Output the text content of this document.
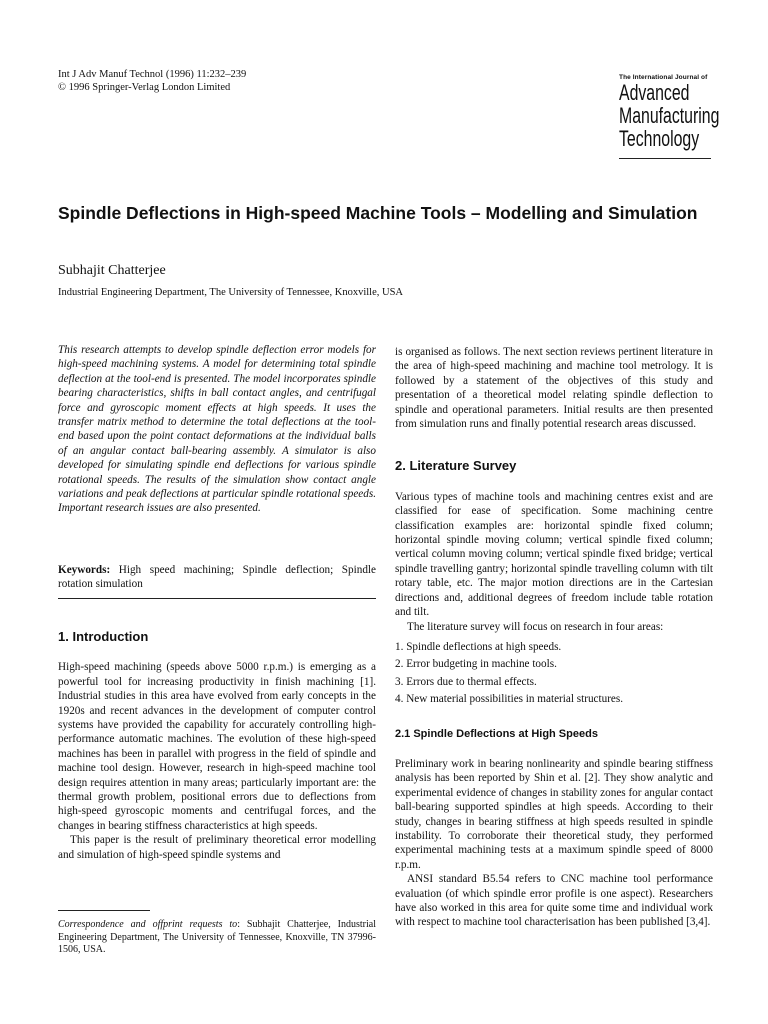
Int J Adv Manuf Technol (1996) 11:232–239
© 1996 Springer-Verlag London Limited
The International Journal of
Advanced
Manufacturing
Technology
Spindle Deflections in High-speed Machine Tools – Modelling and Simulation
Subhajit Chatterjee
Industrial Engineering Department, The University of Tennessee, Knoxville, USA
This research attempts to develop spindle deflection error models for high-speed machining systems. A model for determining total spindle deflection at the tool-end is presented. The model incorporates spindle bearing characteristics, shifts in ball contact angles, and centrifugal force and gyroscopic moment effects at high speeds. It uses the transfer matrix method to determine the total deflections at the tool-end based upon the point contact deformations at the individual balls of an angular contact ball-bearing assembly. A simulator is also developed for simulating spindle end deflections for various spindle rotational speeds. The results of the simulation show contact angle variations and peak deflections at particular spindle rotational speeds. Important research issues are also presented.
Keywords: High speed machining; Spindle deflection; Spindle rotation simulation
1. Introduction
High-speed machining (speeds above 5000 r.p.m.) is emerging as a powerful tool for increasing productivity in finish machining [1]. Industrial studies in this area have evolved from early concepts in the 1920s and recent advances in the development of computer control systems have provided the capability for accurately controlling high-performance automatic machines. The evolution of these high-speed machines has been in parallel with progress in the field of spindle and machine tool design. However, research in high-speed machine tool design requires attention in many areas; particularly important are: the thermal growth problem, positional errors due to deflections from high-speed gyroscopic moments and centrifugal forces, and the changes in bearing stiffness characteristics at high speeds.
This paper is the result of preliminary theoretical error modelling and simulation of high-speed spindle systems and
Correspondence and offprint requests to: Subhajit Chatterjee, Industrial Engineering Department, The University of Tennessee, Knoxville, TN 37996-1506, USA.
is organised as follows. The next section reviews pertinent literature in the area of high-speed machining and machine tool metrology. It is followed by a statement of the objectives of this study and presentation of a theoretical model relating spindle deflection to spindle and operational parameters. Initial results are then presented from simulation runs and finally potential research areas discussed.
2. Literature Survey
Various types of machine tools and machining centres exist and are classified for ease of specification. Some machining centre classification examples are: horizontal spindle fixed column; horizontal spindle moving column; vertical spindle fixed column; vertical column moving column; vertical spindle fixed bridge; vertical spindle travelling gantry; horizontal spindle travelling column with tilt rotary table, etc. The major motion directions are in the Cartesian directions and, additional degrees of freedom include table rotation and tilt.
The literature survey will focus on research in four areas:
1. Spindle deflections at high speeds.
2. Error budgeting in machine tools.
3. Errors due to thermal effects.
4. New material possibilities in material structures.
2.1 Spindle Deflections at High Speeds
Preliminary work in bearing nonlinearity and spindle bearing stiffness analysis has been reported by Shin et al. [2]. They show analytic and experimental evidence of changes in stability zones for angular contact ball-bearing supported spindles at high speeds. According to their study, changes in bearing stiffness at high speeds resulted in spindle instability. To corroborate their theoretical study, they performed experimental machining tests at a maximum spindle speed of 8000 r.p.m.
ANSI standard B5.54 refers to CNC machine tool performance evaluation (of which spindle error profile is one aspect). Researchers have also worked in this area for quite some time and individual work with respect to machine tool characterisation has been published [3,4].
